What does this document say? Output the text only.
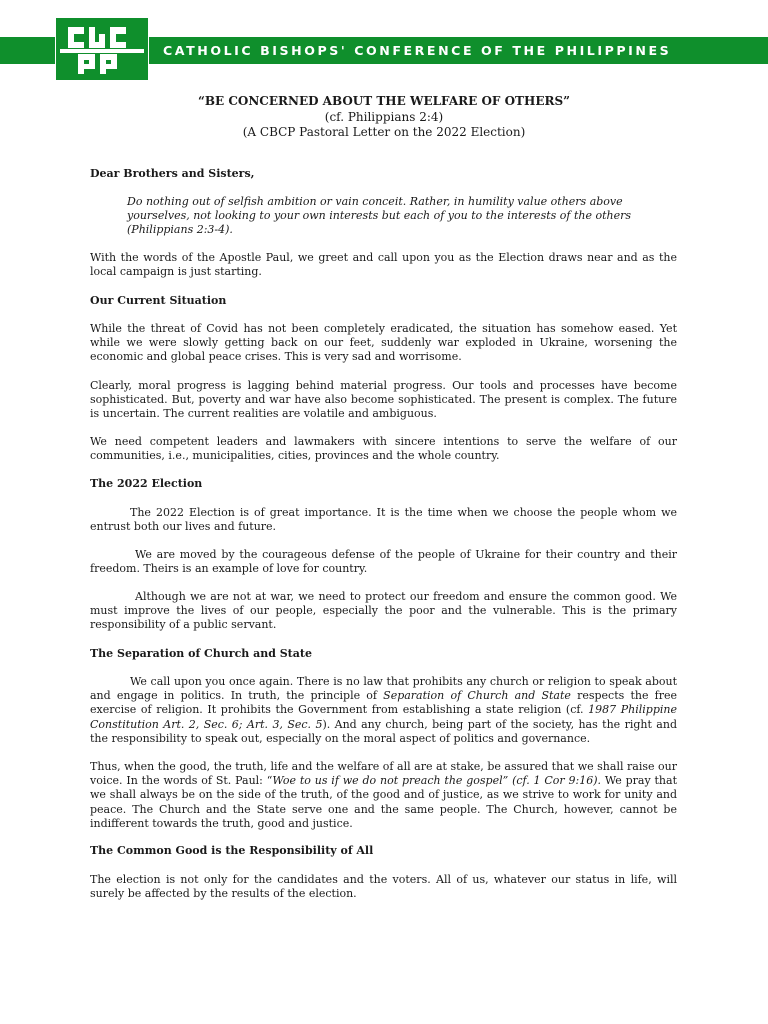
CATHOLIC BISHOPS' CONFERENCE OF THE PHILIPPINES
“BE CONCERNED ABOUT THE WELFARE OF OTHERS”
(cf. Philippians 2:4)
(A CBCP Pastoral Letter on the 2022 Election)

Dear Brothers and Sisters,

Do nothing out of selfish ambition or vain conceit. Rather, in humility value others above yourselves, not looking to your own interests but each of you to the interests of the others (Philippians 2:3-4).

With the words of the Apostle Paul, we greet and call upon you as the Election draws near and as the local campaign is just starting.

Our Current Situation

While the threat of Covid has not been completely eradicated, the situation has somehow eased. Yet while we were slowly getting back on our feet, suddenly war exploded in Ukraine, worsening the economic and global peace crises. This is very sad and worrisome.

Clearly, moral progress is lagging behind material progress. Our tools and processes have become sophisticated. But, poverty and war have also become sophisticated. The present is complex. The future is uncertain. The current realities are volatile and ambiguous.

We need competent leaders and lawmakers with sincere intentions to serve the welfare of our communities, i.e., municipalities, cities, provinces and the whole country.

The 2022 Election

The 2022 Election is of great importance. It is the time when we choose the people whom we entrust both our lives and future.

We are moved by the courageous defense of the people of Ukraine for their country and their freedom. Theirs is an example of love for country.

Although we are not at war, we need to protect our freedom and ensure the common good. We must improve the lives of our people, especially the poor and the vulnerable. This is the primary responsibility of a public servant.

The Separation of Church and State

We call upon you once again. There is no law that prohibits any church or religion to speak about and engage in politics. In truth, the principle of Separation of Church and State respects the free exercise of religion. It prohibits the Government from establishing a state religion (cf. 1987 Philippine Constitution Art. 2, Sec. 6; Art. 3, Sec. 5). And any church, being part of the society, has the right and the responsibility to speak out, especially on the moral aspect of politics and governance.

Thus, when the good, the truth, life and the welfare of all are at stake, be assured that we shall raise our voice. In the words of St. Paul: “Woe to us if we do not preach the gospel” (cf. 1 Cor 9:16). We pray that we shall always be on the side of the truth, of the good and of justice, as we strive to work for unity and peace. The Church and the State serve one and the same people. The Church, however, cannot be indifferent towards the truth, good and justice.

The Common Good is the Responsibility of All

The election is not only for the candidates and the voters. All of us, whatever our status in life, will surely be affected by the results of the election.
